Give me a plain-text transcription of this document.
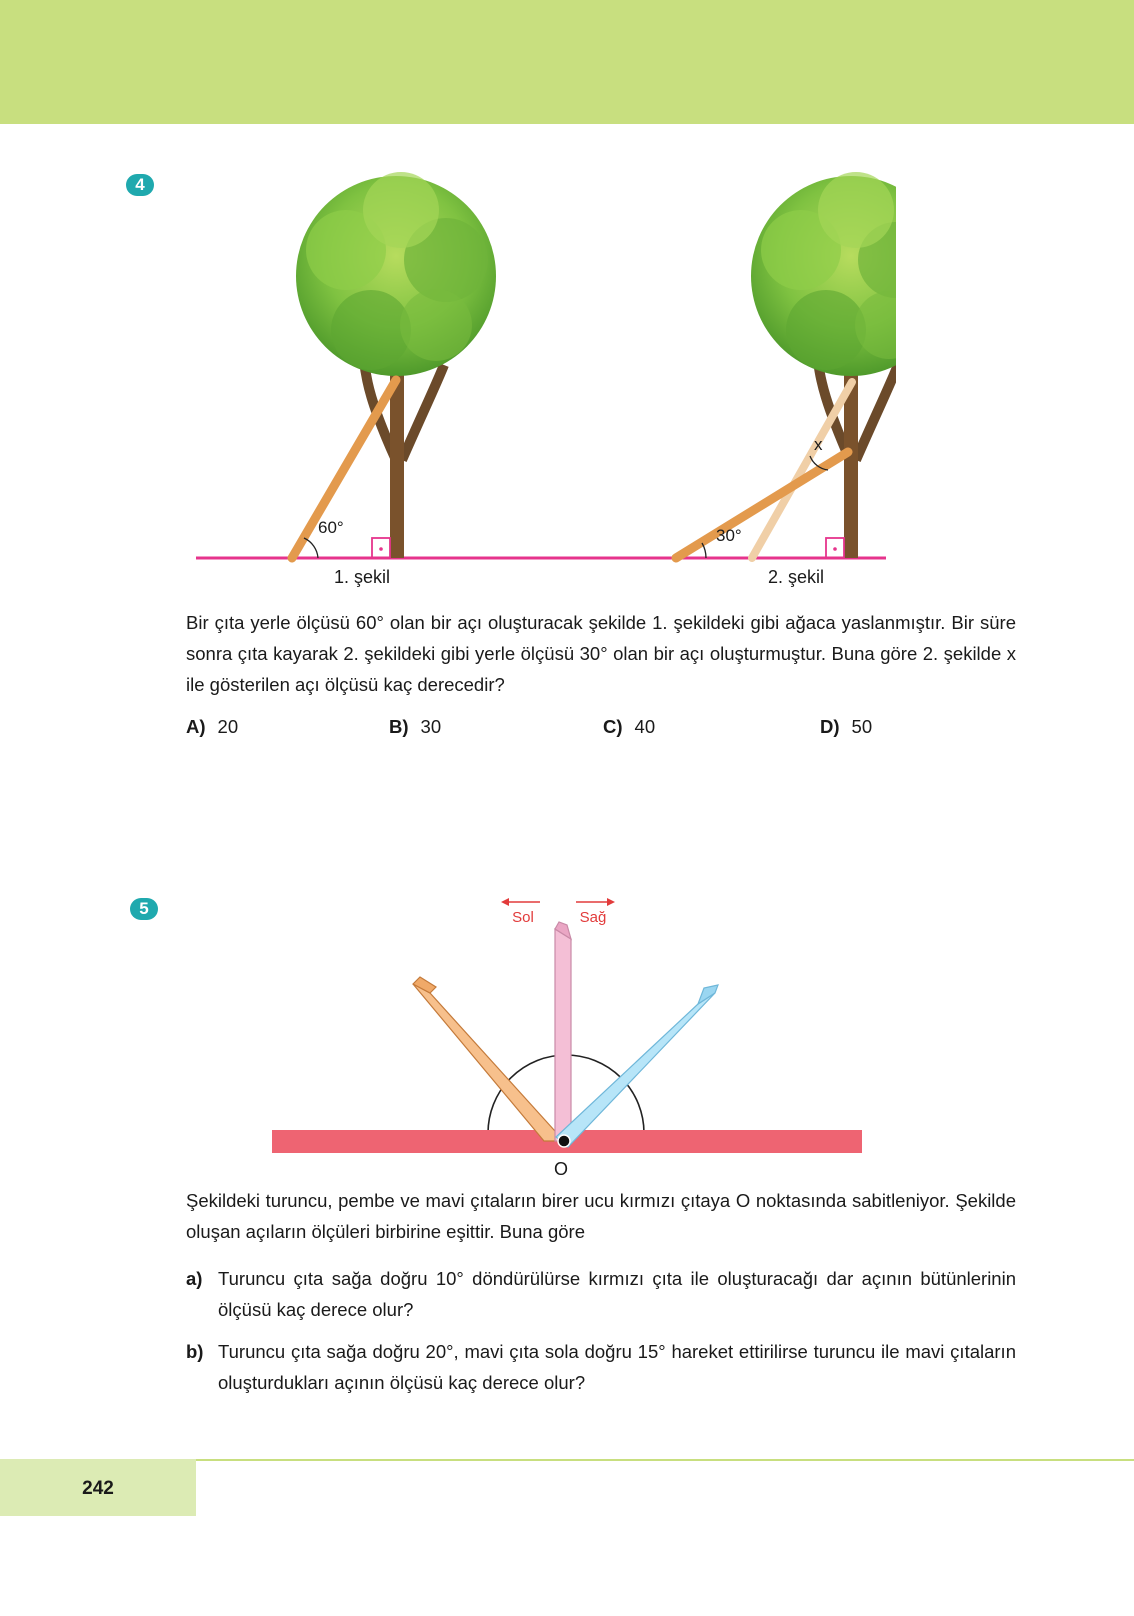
4
60°
1. şekil
30°
x
2. şekil

Bir çıta yerle ölçüsü 60° olan bir açı oluşturacak şekilde 1. şekildeki gibi ağaca yaslanmıştır. Bir süre sonra çıta kayarak 2. şekildeki gibi yerle ölçüsü 30° olan bir açı oluşturmuştur. Buna göre 2. şekilde x ile gösterilen açı ölçüsü kaç derecedir?

A) 20	B) 30	C) 40	D) 50
5	Sol	Sağ
O

Şekildeki turuncu, pembe ve mavi çıtaların birer ucu kırmızı çıtaya O noktasında sabitleniyor. Şekilde oluşan açıların ölçüleri birbirine eşittir. Buna göre

a) Turuncu çıta sağa doğru 10° döndürülürse kırmızı çıta ile oluşturacağı dar açının bütünlerinin ölçüsü kaç derece olur?
b) Turuncu çıta sağa doğru 20°, mavi çıta sola doğru 15° hareket ettirilirse turuncu ile mavi çıtaların oluşturdukları açının ölçüsü kaç derece olur?
242
